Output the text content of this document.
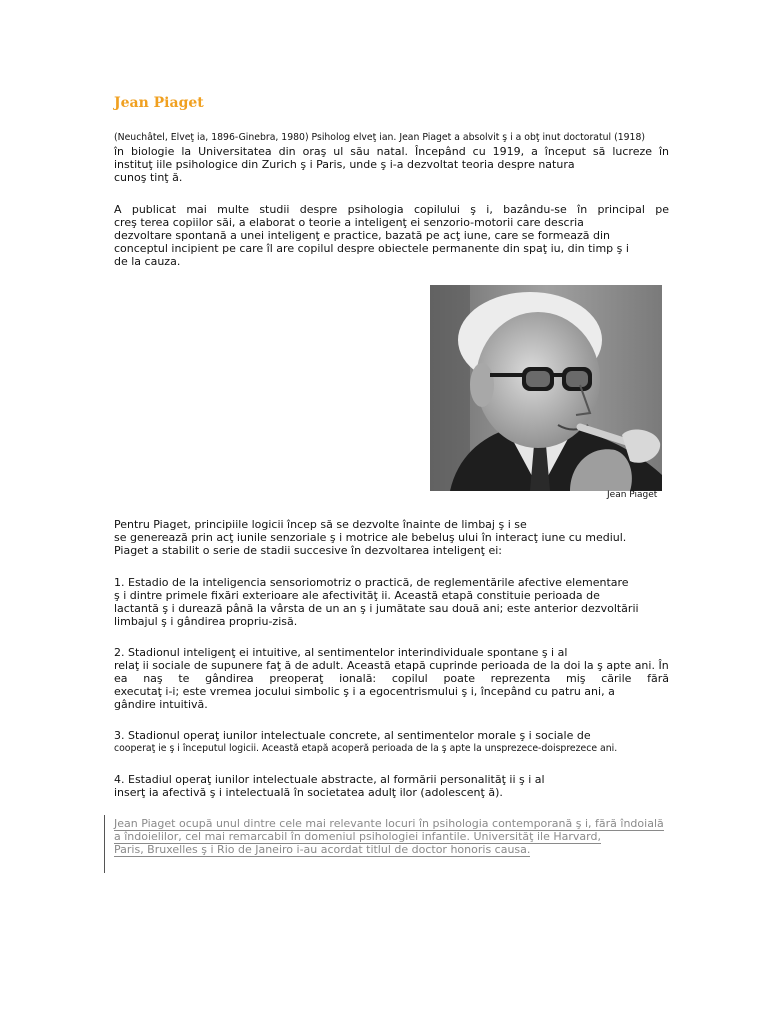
Jean Piaget
(Neuchâtel, Elveţ ia, 1896-Ginebra, 1980) Psiholog elveţ ian. Jean Piaget a absolvit ş i a obţ inut doctoratul (1918)
în biologie la Universitatea din oraş ul său natal. Începând cu 1919, a început să lucreze în
instituţ iile psihologice din Zurich ş i Paris, unde ş i-a dezvoltat teoria despre natura
cunoş tinţ ă.
A publicat mai multe studii despre psihologia copilului ş i, bazându-se în principal pe
creş terea copiilor săi, a elaborat o teorie a inteligenţ ei senzorio-motorii care descria
dezvoltare spontană a unei inteligenţ e practice, bazată pe acţ iune, care se formează din
conceptul incipient pe care îl are copilul despre obiectele permanente din spaţ iu, din timp ş i
de la cauza.
Jean Piaget
Pentru Piaget, principiile logicii încep să se dezvolte înainte de limbaj ş i se
se generează prin acţ iunile senzoriale ş i motrice ale bebeluş ului în interacţ iune cu mediul.
Piaget a stabilit o serie de stadii succesive în dezvoltarea inteligenţ ei:
1. Estadio de la inteligencia sensoriomotriz o practică, de reglementările afective elementare
ş i dintre primele fixări exterioare ale afectivităţ ii. Această etapă constituie perioada de
lactantă ş i durează până la vârsta de un an ş i jumătate sau două ani; este anterior dezvoltării
limbajul ş i gândirea propriu-zisă.
2. Stadionul inteligenţ ei intuitive, al sentimentelor interindividuale spontane ş i al
relaţ ii sociale de supunere faţ ă de adult. Această etapă cuprinde perioada de la doi la ş apte ani. În
ea naş te gândirea preoperaţ ională: copilul poate reprezenta miş cările fără
executaţ i-i; este vremea jocului simbolic ş i a egocentrismului ş i, începând cu patru ani, a
gândire intuitivă.
3. Stadionul operaţ iunilor intelectuale concrete, al sentimentelor morale ş i sociale de
cooperaţ ie ş i începutul logicii. Această etapă acoperă perioada de la ş apte la unsprezece-doisprezece ani.
4. Estadiul operaţ iunilor intelectuale abstracte, al formării personalităţ ii ş i al
inserţ ia afectivă ş i intelectuală în societatea adulţ ilor (adolescenţ ă).
Jean Piaget ocupă unul dintre cele mai relevante locuri în psihologia contemporană ş i, fără îndoială
a îndoielilor, cel mai remarcabil în domeniul psihologiei infantile. Universităţ ile Harvard,
Paris, Bruxelles ş i Rio de Janeiro i-au acordat titlul de doctor honoris causa.
